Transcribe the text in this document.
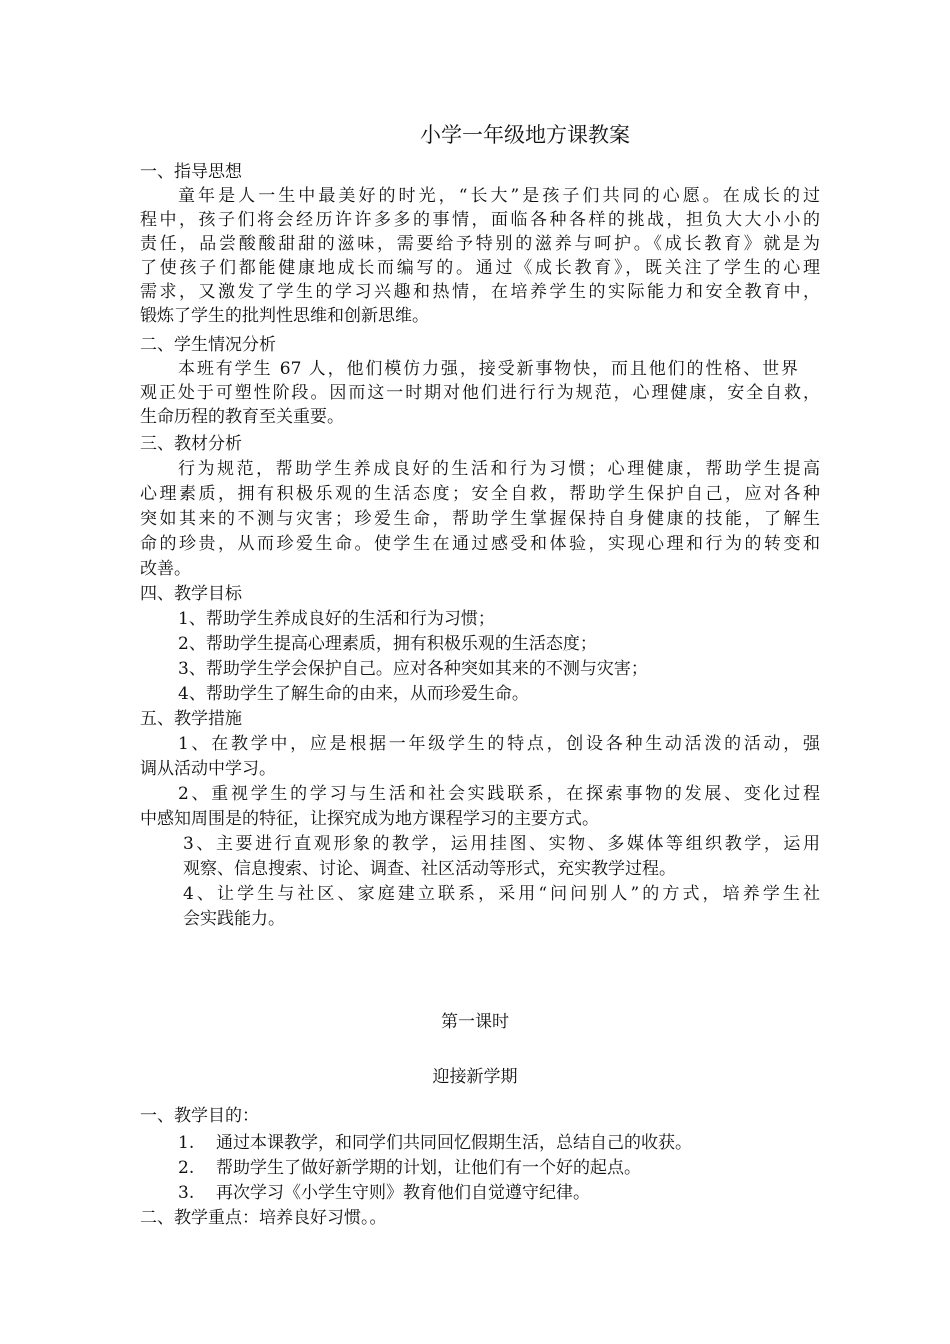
小学一年级地方课教案
一、指导思想
童年是人一生中最美好的时光，“长大”是孩子们共同的心愿。在成长的过
程中，孩子们将会经历许许多多的事情，面临各种各样的挑战，担负大大小小的
责任，品尝酸酸甜甜的滋味，需要给予特别的滋养与呵护。《成长教育》就是为
了使孩子们都能健康地成长而编写的。通过《成长教育》，既关注了学生的心理
需求，又激发了学生的学习兴趣和热情，在培养学生的实际能力和安全教育中，
锻炼了学生的批判性思维和创新思维。
二、学生情况分析
本班有学生 67 人，他们模仿力强，接受新事物快，而且他们的性格、世界
观正处于可塑性阶段。因而这一时期对他们进行行为规范，心理健康，安全自救，
生命历程的教育至关重要。
三、教材分析
行为规范，帮助学生养成良好的生活和行为习惯；心理健康，帮助学生提高
心理素质，拥有积极乐观的生活态度；安全自救，帮助学生保护自己，应对各种
突如其来的不测与灾害；珍爱生命，帮助学生掌握保持自身健康的技能，了解生
命的珍贵，从而珍爱生命。使学生在通过感受和体验，实现心理和行为的转变和
改善。
四、教学目标
1、帮助学生养成良好的生活和行为习惯；
2、帮助学生提高心理素质，拥有积极乐观的生活态度；
3、帮助学生学会保护自己。应对各种突如其来的不测与灾害；
4、帮助学生了解生命的由来，从而珍爱生命。
五、教学措施
1、在教学中，应是根据一年级学生的特点，创设各种生动活泼的活动，强
调从活动中学习。
2、重视学生的学习与生活和社会实践联系，在探索事物的发展、变化过程
中感知周围是的特征，让探究成为地方课程学习的主要方式。
3、主要进行直观形象的教学，运用挂图、实物、多媒体等组织教学，运用
观察、信息搜索、讨论、调查、社区活动等形式，充实教学过程。
4、让学生与社区、家庭建立联系，采用“问问别人”的方式，培养学生社
会实践能力。
第一课时
迎接新学期
一、教学目的：
1.	通过本课教学，和同学们共同回忆假期生活，总结自己的收获。
2.	帮助学生了做好新学期的计划，让他们有一个好的起点。
3.	再次学习《小学生守则》教育他们自觉遵守纪律。
二、教学重点：培养良好习惯。。
